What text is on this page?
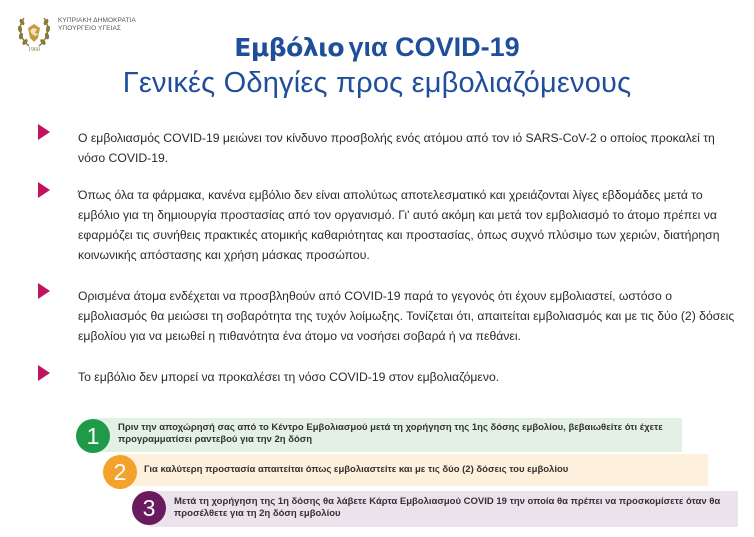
1960
ΚΥΠΡΙΑΚΗ ΔΗΜΟΚΡΑΤΙΑ
ΥΠΟΥΡΓΕΙΟ ΥΓΕΙΑΣ
Εμβόλιο για COVID-19
Γενικές Οδηγίες προς εμβολιαζόμενους
Ο εμβολιασμός COVID-19 μειώνει τον κίνδυνο προσβολής ενός ατόμου από τον ιό SARS-CoV-2 ο οποίος προκαλεί τη νόσο COVID-19.
Όπως όλα τα φάρμακα, κανένα εμβόλιο δεν είναι απολύτως αποτελεσματικό και χρειάζονται λίγες εβδομάδες μετά το εμβόλιο για τη δημιουργία προστασίας από τον οργανισμό. Γι' αυτό ακόμη και μετά τον εμβολιασμό το άτομο πρέπει να εφαρμόζει τις συνήθεις πρακτικές ατομικής καθαριότητας και προστασίας, όπως συχνό πλύσιμο των χεριών, διατήρηση κοινωνικής απόστασης και χρήση μάσκας προσώπου.
Ορισμένα άτομα ενδέχεται να προσβληθούν από COVID-19 παρά το γεγονός ότι έχουν εμβολιαστεί, ωστόσο ο εμβολιασμός θα μειώσει τη σοβαρότητα της τυχόν λοίμωξης. Τονίζεται ότι, απαιτείται εμβολιασμός και με τις δύο (2) δόσεις εμβολίου για να μειωθεί η πιθανότητα ένα άτομο να νοσήσει σοβαρά ή να πεθάνει.
Το εμβόλιο δεν μπορεί να προκαλέσει τη νόσο COVID-19 στον εμβολιαζόμενο.
Πριν την αποχώρησή σας από το Κέντρο Εμβολιασμού μετά τη χορήγηση της 1ης δόσης εμβολίου, βεβαιωθείτε ότι έχετε προγραμματίσει ραντεβού για την 2η δόση
1
Για καλύτερη προστασία απαιτείται όπως εμβολιαστείτε και με τις δύο (2) δόσεις του εμβολίου
2
Μετά τη χορήγηση της 1η δόσης θα λάβετε Κάρτα Εμβολιασμού COVID 19 την οποία θα πρέπει να προσκομίσετε όταν θα προσέλθετε για τη 2η δόση εμβολίου
3
